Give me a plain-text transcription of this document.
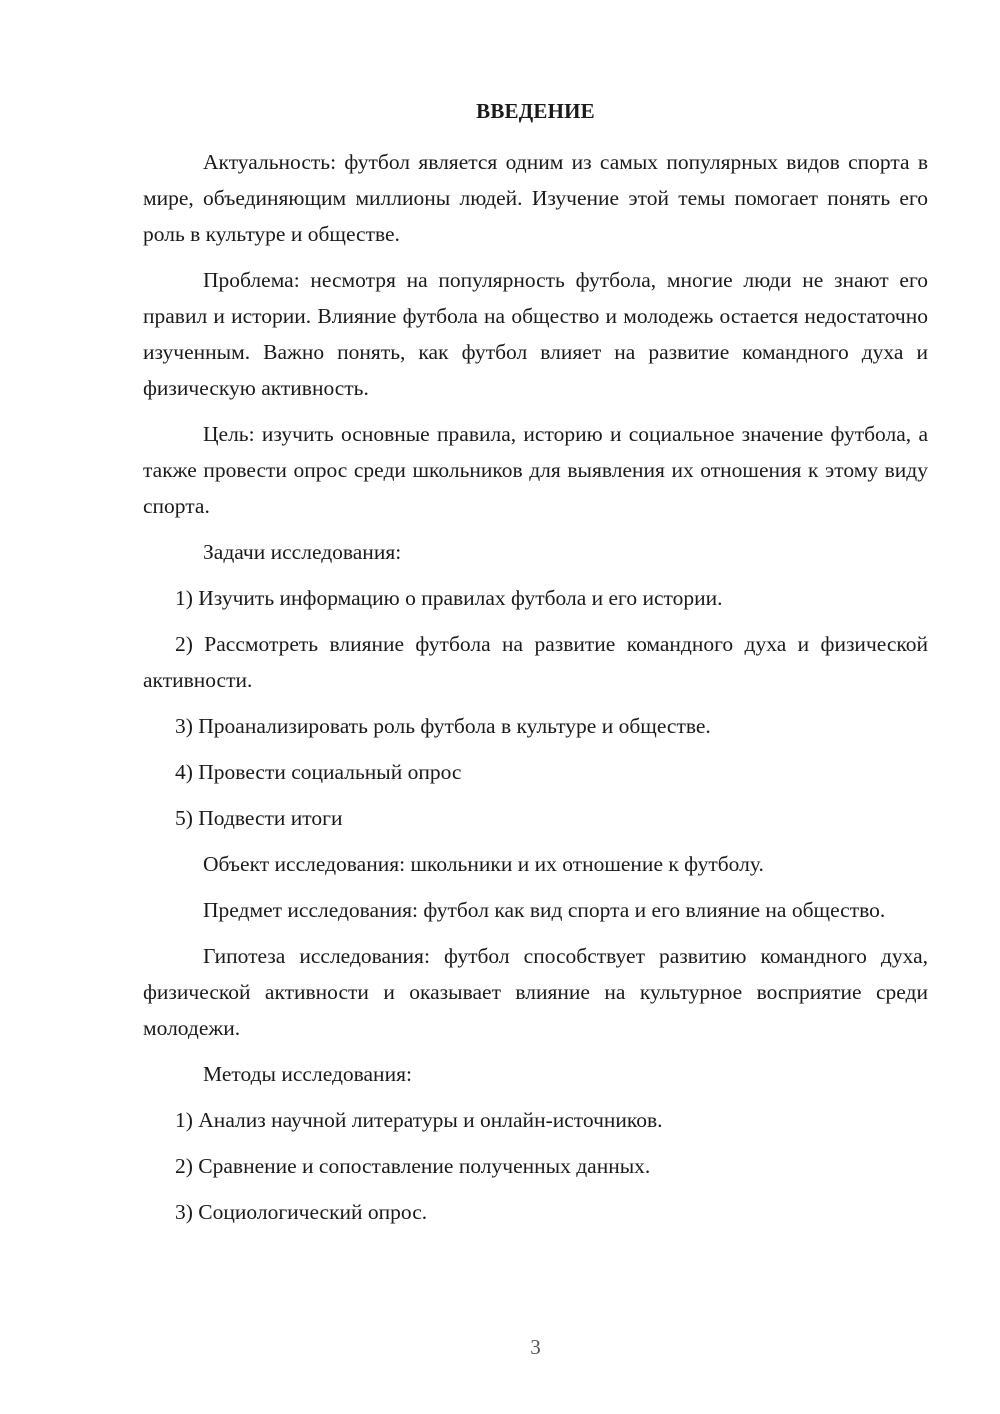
ВВЕДЕНИЕ

Актуальность: футбол является одним из самых популярных видов спорта в мире, объединяющим миллионы людей. Изучение этой темы помогает понять его роль в культуре и обществе.

Проблема: несмотря на популярность футбола, многие люди не знают его правил и истории. Влияние футбола на общество и молодежь остается недостаточно изученным. Важно понять, как футбол влияет на развитие командного духа и физическую активность.

Цель: изучить основные правила, историю и социальное значение футбола, а также провести опрос среди школьников для выявления их отношения к этому виду спорта.

Задачи исследования:

1) Изучить информацию о правилах футбола и его истории.

2) Рассмотреть влияние футбола на развитие командного духа и физической активности.

3) Проанализировать роль футбола в культуре и обществе.

4) Провести социальный опрос

5) Подвести итоги

Объект исследования: школьники и их отношение к футболу.

Предмет исследования: футбол как вид спорта и его влияние на общество.

Гипотеза исследования: футбол способствует развитию командного духа, физической активности и оказывает влияние на культурное восприятие среди молодежи.

Методы исследования:

1) Анализ научной литературы и онлайн-источников.

2) Сравнение и сопоставление полученных данных.

3) Социологический опрос.

3
